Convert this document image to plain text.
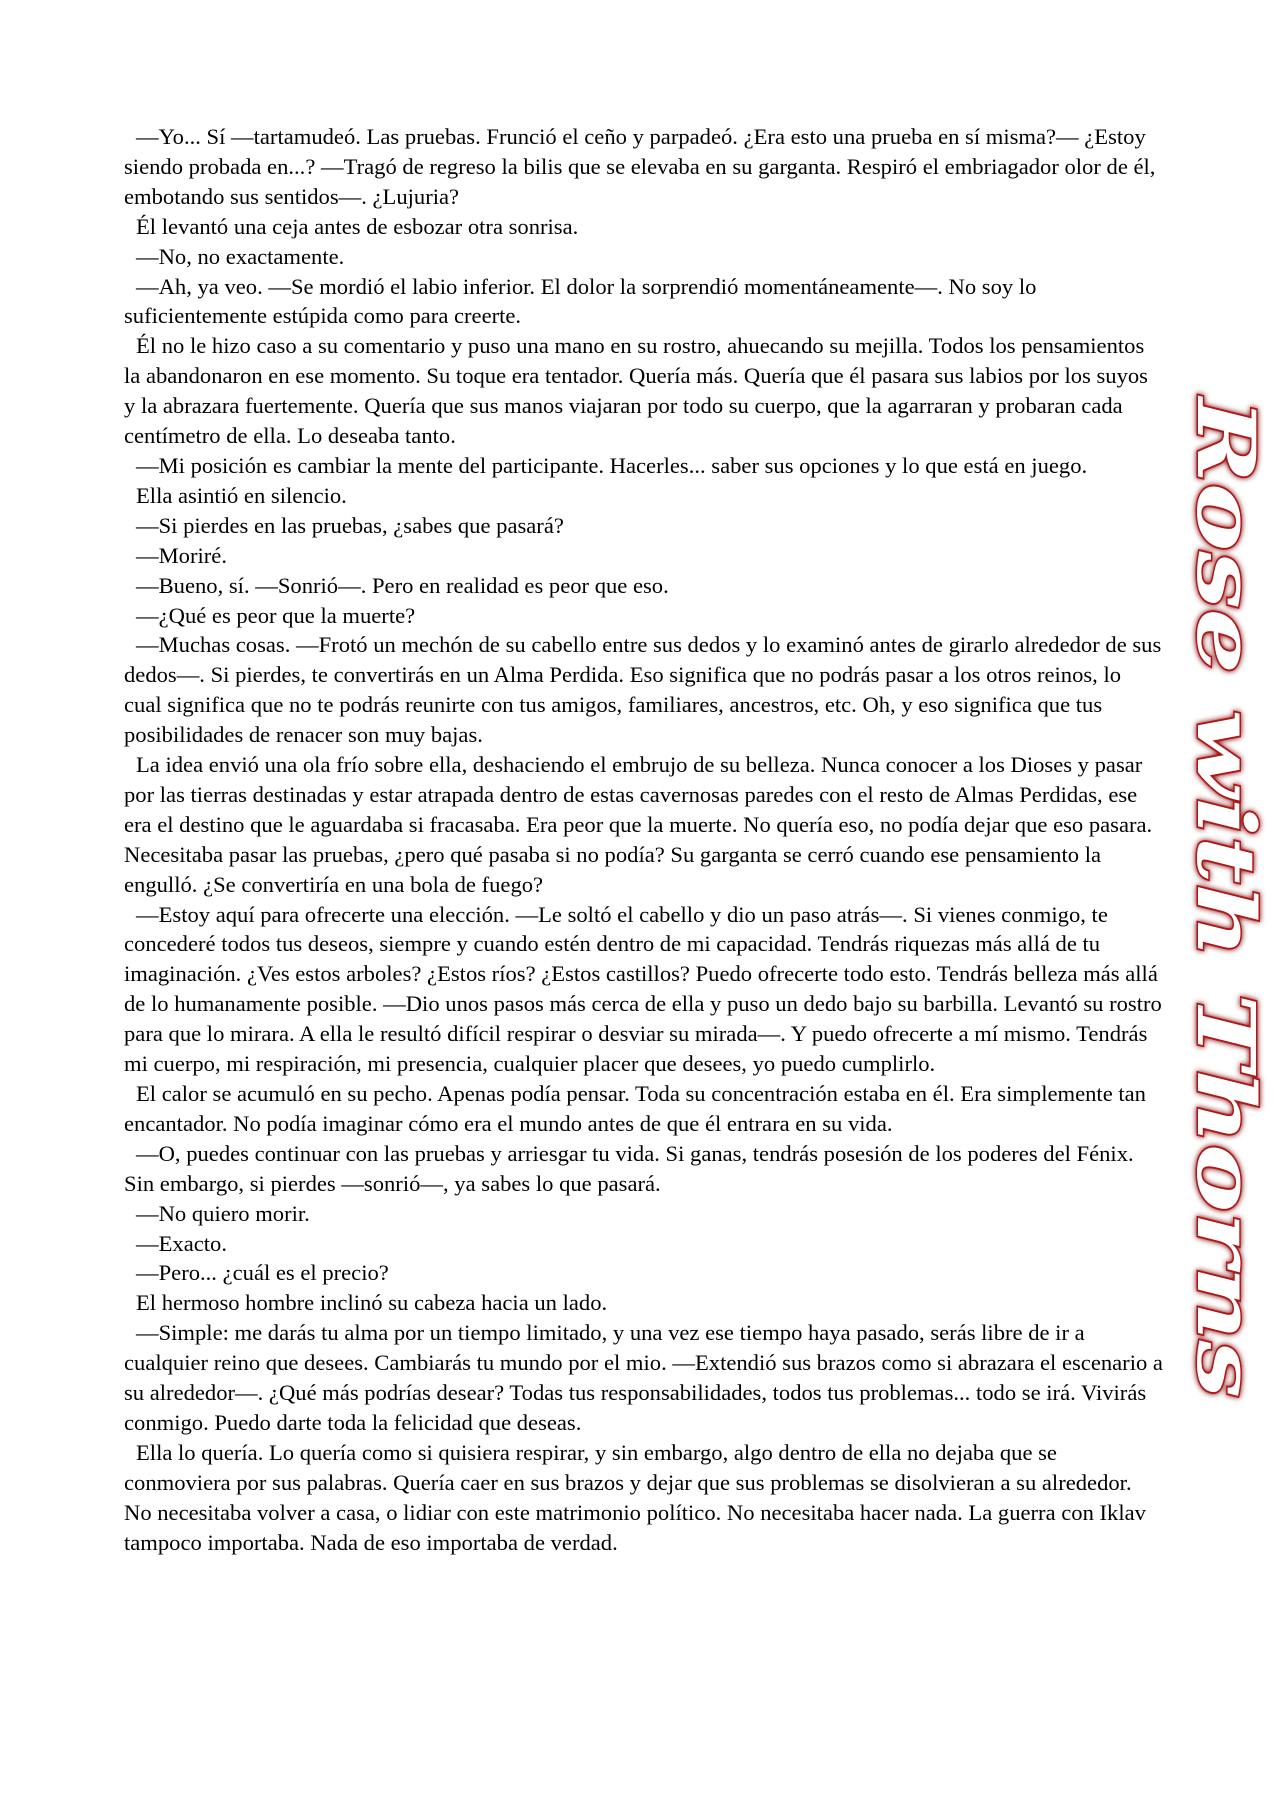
—Yo... Sí —tartamudeó. Las pruebas. Frunció el ceño y parpadeó. ¿Era esto una prueba en sí misma?— ¿Estoy siendo probada en...? —Tragó de regreso la bilis que se elevaba en su garganta. Respiró el embriagador olor de él, embotando sus sentidos—. ¿Lujuria?

Él levantó una ceja antes de esbozar otra sonrisa.

—No, no exactamente.

—Ah, ya veo. —Se mordió el labio inferior. El dolor la sorprendió momentáneamente—. No soy lo suficientemente estúpida como para creerte.

Él no le hizo caso a su comentario y puso una mano en su rostro, ahuecando su mejilla. Todos los pensamientos la abandonaron en ese momento. Su toque era tentador. Quería más. Quería que él pasara sus labios por los suyos y la abrazara fuertemente. Quería que sus manos viajaran por todo su cuerpo, que la agarraran y probaran cada centímetro de ella. Lo deseaba tanto.

—Mi posición es cambiar la mente del participante. Hacerles... saber sus opciones y lo que está en juego.

Ella asintió en silencio.

—Si pierdes en las pruebas, ¿sabes que pasará?

—Moriré.

—Bueno, sí. —Sonrió—. Pero en realidad es peor que eso.

—¿Qué es peor que la muerte?

—Muchas cosas. —Frotó un mechón de su cabello entre sus dedos y lo examinó antes de girarlo alrededor de sus dedos—. Si pierdes, te convertirás en un Alma Perdida. Eso significa que no podrás pasar a los otros reinos, lo cual significa que no te podrás reunirte con tus amigos, familiares, ancestros, etc. Oh, y eso significa que tus posibilidades de renacer son muy bajas.

La idea envió una ola frío sobre ella, deshaciendo el embrujo de su belleza. Nunca conocer a los Dioses y pasar por las tierras destinadas y estar atrapada dentro de estas cavernosas paredes con el resto de Almas Perdidas, ese era el destino que le aguardaba si fracasaba. Era peor que la muerte. No quería eso, no podía dejar que eso pasara. Necesitaba pasar las pruebas, ¿pero qué pasaba si no podía? Su garganta se cerró cuando ese pensamiento la engulló. ¿Se convertiría en una bola de fuego?

—Estoy aquí para ofrecerte una elección. —Le soltó el cabello y dio un paso atrás—. Si vienes conmigo, te concederé todos tus deseos, siempre y cuando estén dentro de mi capacidad. Tendrás riquezas más allá de tu imaginación. ¿Ves estos arboles? ¿Estos ríos? ¿Estos castillos? Puedo ofrecerte todo esto. Tendrás belleza más allá de lo humanamente posible. —Dio unos pasos más cerca de ella y puso un dedo bajo su barbilla. Levantó su rostro para que lo mirara. A ella le resultó difícil respirar o desviar su mirada—. Y puedo ofrecerte a mí mismo. Tendrás mi cuerpo, mi respiración, mi presencia, cualquier placer que desees, yo puedo cumplirlo.

El calor se acumuló en su pecho. Apenas podía pensar. Toda su concentración estaba en él. Era simplemente tan encantador. No podía imaginar cómo era el mundo antes de que él entrara en su vida.

—O, puedes continuar con las pruebas y arriesgar tu vida. Si ganas, tendrás posesión de los poderes del Fénix. Sin embargo, si pierdes —sonrió—, ya sabes lo que pasará.

—No quiero morir.

—Exacto.

—Pero... ¿cuál es el precio?

El hermoso hombre inclinó su cabeza hacia un lado.

—Simple: me darás tu alma por un tiempo limitado, y una vez ese tiempo haya pasado, serás libre de ir a cualquier reino que desees. Cambiarás tu mundo por el mio. —Extendió sus brazos como si abrazara el escenario a su alrededor—. ¿Qué más podrías desear? Todas tus responsabilidades, todos tus problemas... todo se irá. Vivirás conmigo. Puedo darte toda la felicidad que deseas.

Ella lo quería. Lo quería como si quisiera respirar, y sin embargo, algo dentro de ella no dejaba que se conmoviera por sus palabras. Quería caer en sus brazos y dejar que sus problemas se disolvieran a su alrededor. No necesitaba volver a casa, o lidiar con este matrimonio político. No necesitaba hacer nada. La guerra con Iklav tampoco importaba. Nada de eso importaba de verdad.

Rose with Thorns
